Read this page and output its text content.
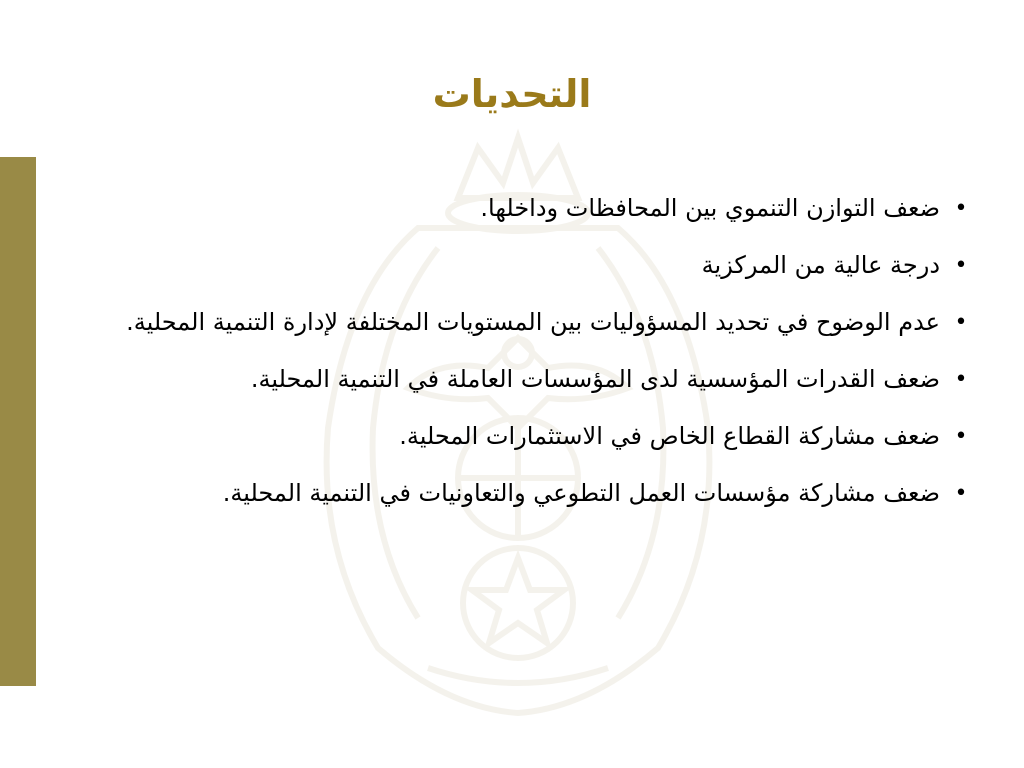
التحديات
•
ضعف التوازن التنموي بين المحافظات وداخلها.
•
درجة عالية من المركزية
•
عدم الوضوح في تحديد المسؤوليات بين المستويات المختلفة لإدارة التنمية المحلية.
•
ضعف القدرات المؤسسية لدى المؤسسات العاملة في التنمية المحلية.
•
ضعف مشاركة القطاع الخاص في الاستثمارات المحلية.
•
ضعف مشاركة مؤسسات العمل التطوعي والتعاونيات في التنمية المحلية.
